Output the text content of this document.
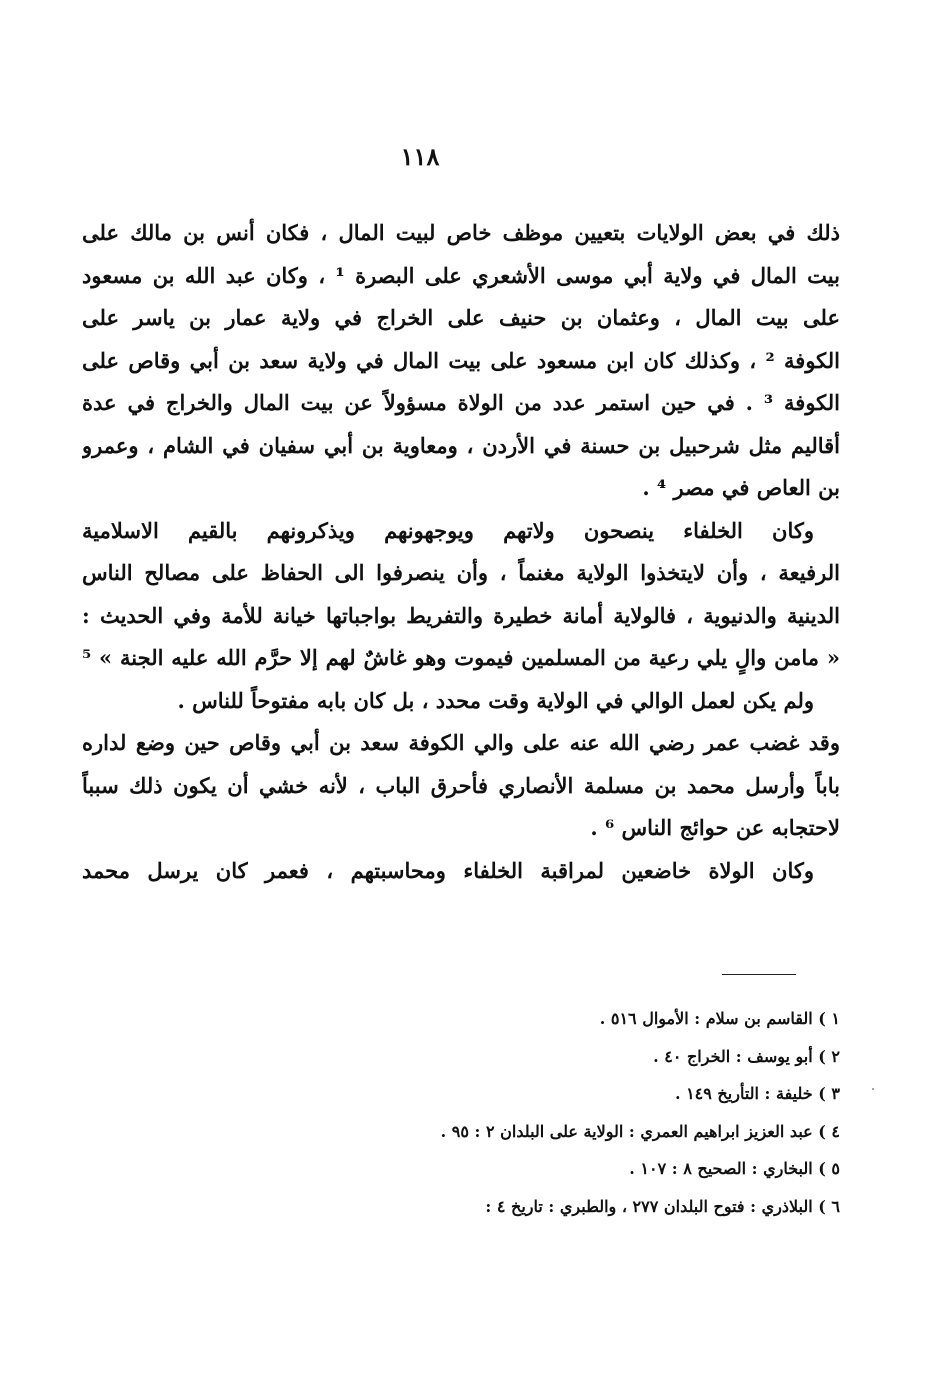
١١٨
ذلك في بعض الولايات بتعيين موظف خاص لبيت المال ، فكان أنس بن مالك على
بيت المال في ولاية أبي موسى الأشعري على البصرة ¹ ، وكان عبد الله بن مسعود
على بيت المال ، وعثمان بن حنيف على الخراج في ولاية عمار بن ياسر على
الكوفة ² ، وكذلك كان ابن مسعود على بيت المال في ولاية سعد بن أبي وقاص على
الكوفة ³ . في حين استمر عدد من الولاة مسؤولاً عن بيت المال والخراج في عدة
أقاليم مثل شرحبيل بن حسنة في الأردن ، ومعاوية بن أبي سفيان في الشام ، وعمرو
بن العاص في مصر ⁴ .
وكان الخلفاء ينصحون ولاتهم ويوجهونهم ويذكرونهم بالقيم الاسلامية
الرفيعة ، وأن لايتخذوا الولاية مغنماً ، وأن ينصرفوا الى الحفاظ على مصالح الناس
الدينية والدنيوية ، فالولاية أمانة خطيرة والتفريط بواجباتها خيانة للأمة وفي الحديث :
« مامن والٍ يلي رعية من المسلمين فيموت وهو غاشٌ لهم إلا حرَّم الله عليه الجنة » ⁵
ولم يكن لعمل الوالي في الولاية وقت محدد ، بل كان بابه مفتوحاً للناس .
وقد غضب عمر رضي الله عنه على والي الكوفة سعد بن أبي وقاص حين وضع لداره
باباً وأرسل محمد بن مسلمة الأنصاري فأحرق الباب ، لأنه خشي أن يكون ذلك سبباً
لاحتجابه عن حوائج الناس ⁶ .
وكان الولاة خاضعين لمراقبة الخلفاء ومحاسبتهم ، فعمر كان يرسل محمد
١ ) القاسم بن سلام : الأموال ٥١٦ .
٢ ) أبو يوسف : الخراج ٤٠ .
٣ ) خليفة : التأريخ ١٤٩ .
٤ ) عبد العزيز ابراهيم العمري : الولاية على البلدان ٢ : ٩٥ .
٥ ) البخاري : الصحيح ٨ : ١٠٧ .
٦ ) البلاذري : فتوح البلدان ٢٧٧ ، والطبري : تاريخ ٤ :
